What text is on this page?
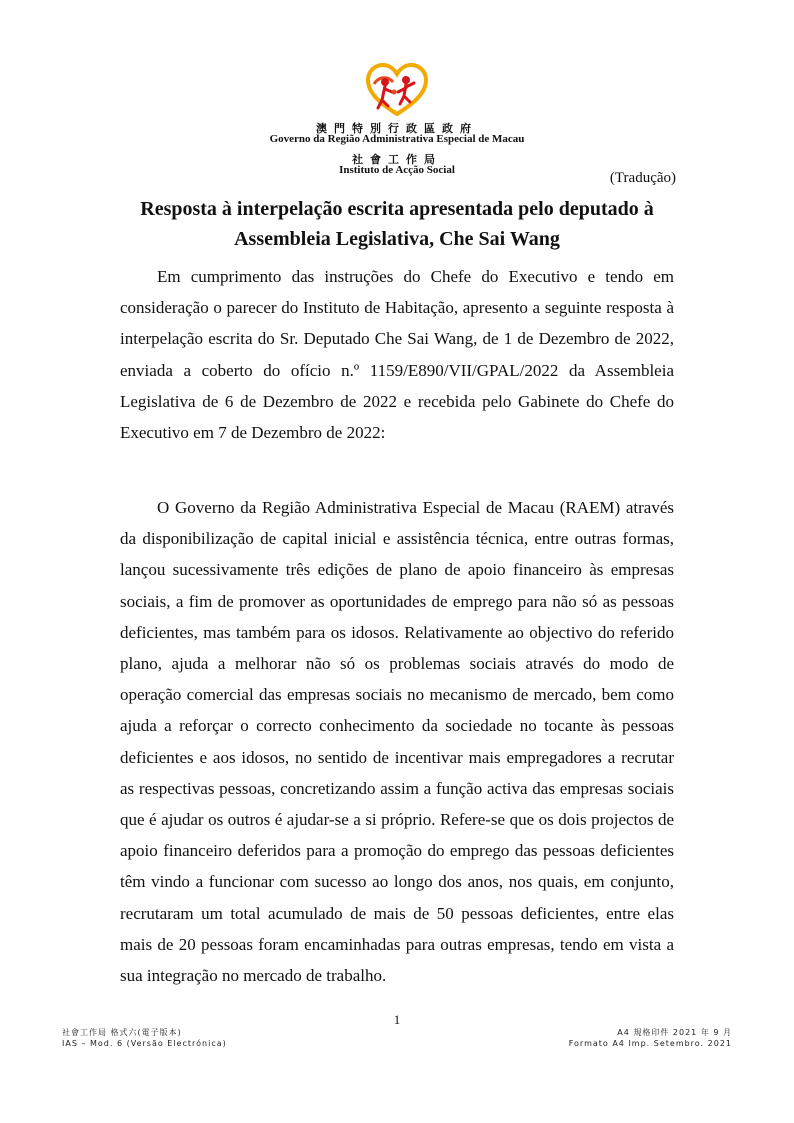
澳門特別行政區政府
Governo da Região Administrativa Especial de Macau
社會工作局
Instituto de Acção Social	(Tradução)
Resposta à interpelação escrita apresentada pelo deputado à Assembleia Legislativa, Che Sai Wang

Em cumprimento das instruções do Chefe do Executivo e tendo em consideração o parecer do Instituto de Habitação, apresento a seguinte resposta à interpelação escrita do Sr. Deputado Che Sai Wang, de 1 de Dezembro de 2022, enviada a coberto do ofício n.º 1159/E890/VII/GPAL/2022 da Assembleia Legislativa de 6 de Dezembro de 2022 e recebida pelo Gabinete do Chefe do Executivo em 7 de Dezembro de 2022:

O Governo da Região Administrativa Especial de Macau (RAEM) através da disponibilização de capital inicial e assistência técnica, entre outras formas, lançou sucessivamente três edições de plano de apoio financeiro às empresas sociais, a fim de promover as oportunidades de emprego para não só as pessoas deficientes, mas também para os idosos. Relativamente ao objectivo do referido plano, ajuda a melhorar não só os problemas sociais através do modo de operação comercial das empresas sociais no mecanismo de mercado, bem como ajuda a reforçar o correcto conhecimento da sociedade no tocante às pessoas deficientes e aos idosos, no sentido de incentivar mais empregadores a recrutar as respectivas pessoas, concretizando assim a função activa das empresas sociais que é ajudar os outros é ajudar-se a si próprio. Refere-se que os dois projectos de apoio financeiro deferidos para a promoção do emprego das pessoas deficientes têm vindo a funcionar com sucesso ao longo dos anos, nos quais, em conjunto, recrutaram um total acumulado de mais de 50 pessoas deficientes, entre elas mais de 20 pessoas foram encaminhadas para outras empresas, tendo em vista a sua integração no mercado de trabalho.

1
社會工作局 格式六(電子版本)
IAS – Mod. 6 (Versão Electrónica)
A4 規格印件 2021 年 9 月
Formato A4 Imp. Setembro. 2021
